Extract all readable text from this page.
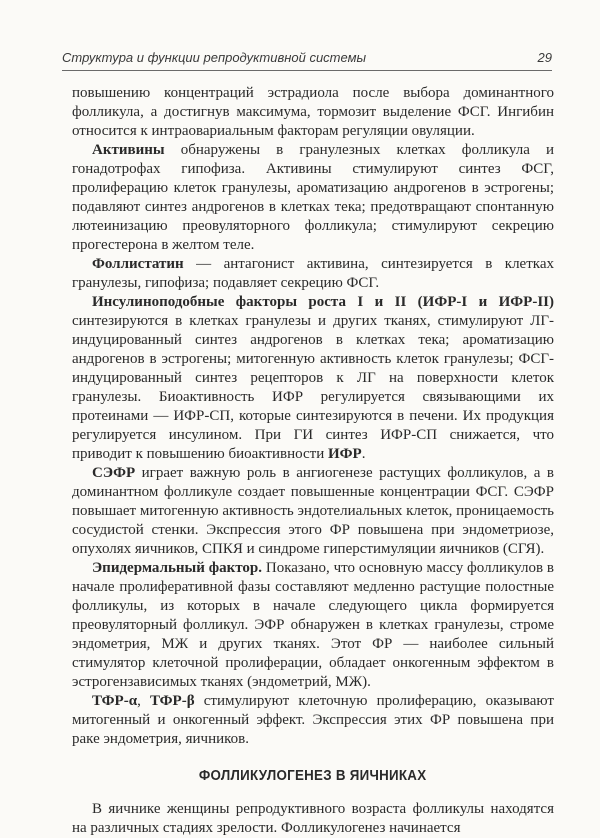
Структура и функции репродуктивной системы	29

повышению концентраций эстрадиола после выбора доминантного фолликула, а достигнув максимума, тормозит выделение ФСГ. Ингибин относится к интраовариальным факторам регуляции овуляции.

Активины обнаружены в гранулезных клетках фолликула и гонадотрофах гипофиза. Активины стимулируют синтез ФСГ, пролиферацию клеток гранулезы, ароматизацию андрогенов в эстрогены; подавляют синтез андрогенов в клетках тека; предотвращают спонтанную лютеинизацию преовуляторного фолликула; стимулируют секрецию прогестерона в желтом теле.

Фоллистатин — антагонист активина, синтезируется в клетках гранулезы, гипофиза; подавляет секрецию ФСГ.

Инсулиноподобные факторы роста I и II (ИФР-I и ИФР-II) синтезируются в клетках гранулезы и других тканях, стимулируют ЛГ-индуцированный синтез андрогенов в клетках тека; ароматизацию андрогенов в эстрогены; митогенную активность клеток гранулезы; ФСГ-индуцированный синтез рецепторов к ЛГ на поверхности клеток гранулезы. Биоактивность ИФР регулируется связывающими их протеинами — ИФР-СП, которые синтезируются в печени. Их продукция регулируется инсулином. При ГИ синтез ИФР-СП снижается, что приводит к повышению биоактивности ИФР.

СЭФР играет важную роль в ангиогенезе растущих фолликулов, а в доминантном фолликуле создает повышенные концентрации ФСГ. СЭФР повышает митогенную активность эндотелиальных клеток, проницаемость сосудистой стенки. Экспрессия этого ФР повышена при эндометриозе, опухолях яичников, СПКЯ и синдроме гиперстимуляции яичников (СГЯ).

Эпидермальный фактор. Показано, что основную массу фолликулов в начале пролиферативной фазы составляют медленно растущие полостные фолликулы, из которых в начале следующего цикла формируется преовуляторный фолликул. ЭФР обнаружен в клетках гранулезы, строме эндометрия, МЖ и других тканях. Этот ФР — наиболее сильный стимулятор клеточной пролиферации, обладает онкогенным эффектом в эстрогензависимых тканях (эндометрий, МЖ).

ТФР-α, ТФР-β стимулируют клеточную пролиферацию, оказывают митогенный и онкогенный эффект. Экспрессия этих ФР повышена при раке эндометрия, яичников.

ФОЛЛИКУЛОГЕНЕЗ В ЯИЧНИКАХ

В яичнике женщины репродуктивного возраста фолликулы находятся на различных стадиях зрелости. Фолликулогенез начинается
